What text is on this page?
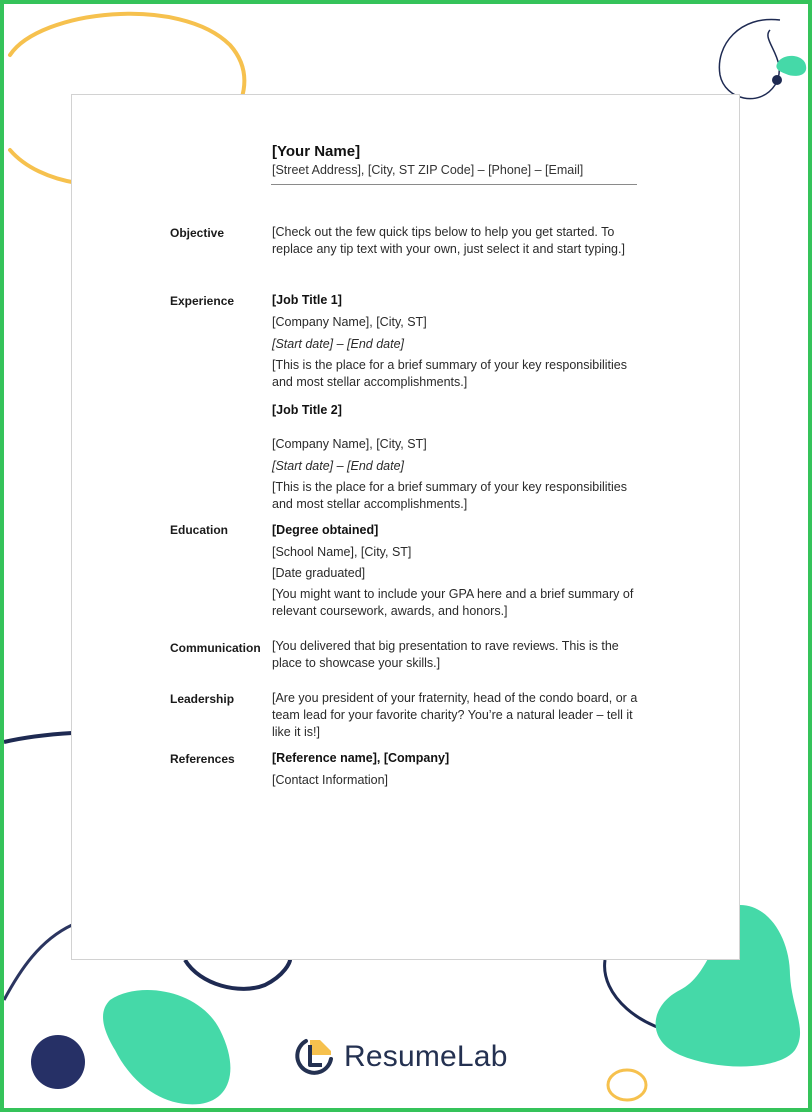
[Your Name]
[Street Address], [City, ST ZIP Code] – [Phone] – [Email]
Objective	[Check out the few quick tips below to help you get started. To replace any tip text with your own, just select it and start typing.]
Experience	[Job Title 1]
[Company Name], [City, ST]
[Start date] – [End date]
[This is the place for a brief summary of your key responsibilities and most stellar accomplishments.]
[Job Title 2]
[Company Name], [City, ST]
[Start date] – [End date]
[This is the place for a brief summary of your key responsibilities and most stellar accomplishments.]
Education	[Degree obtained]
[School Name], [City, ST]
[Date graduated]
[You might want to include your GPA here and a brief summary of relevant coursework, awards, and honors.]
Communication [You delivered that big presentation to rave reviews. This is the place to showcase your skills.]
Leadership	[Are you president of your fraternity, head of the condo board, or a team lead for your favorite charity? You’re a natural leader – tell it like it is!]
References	[Reference name], [Company]
[Contact Information]
ResumeLab
